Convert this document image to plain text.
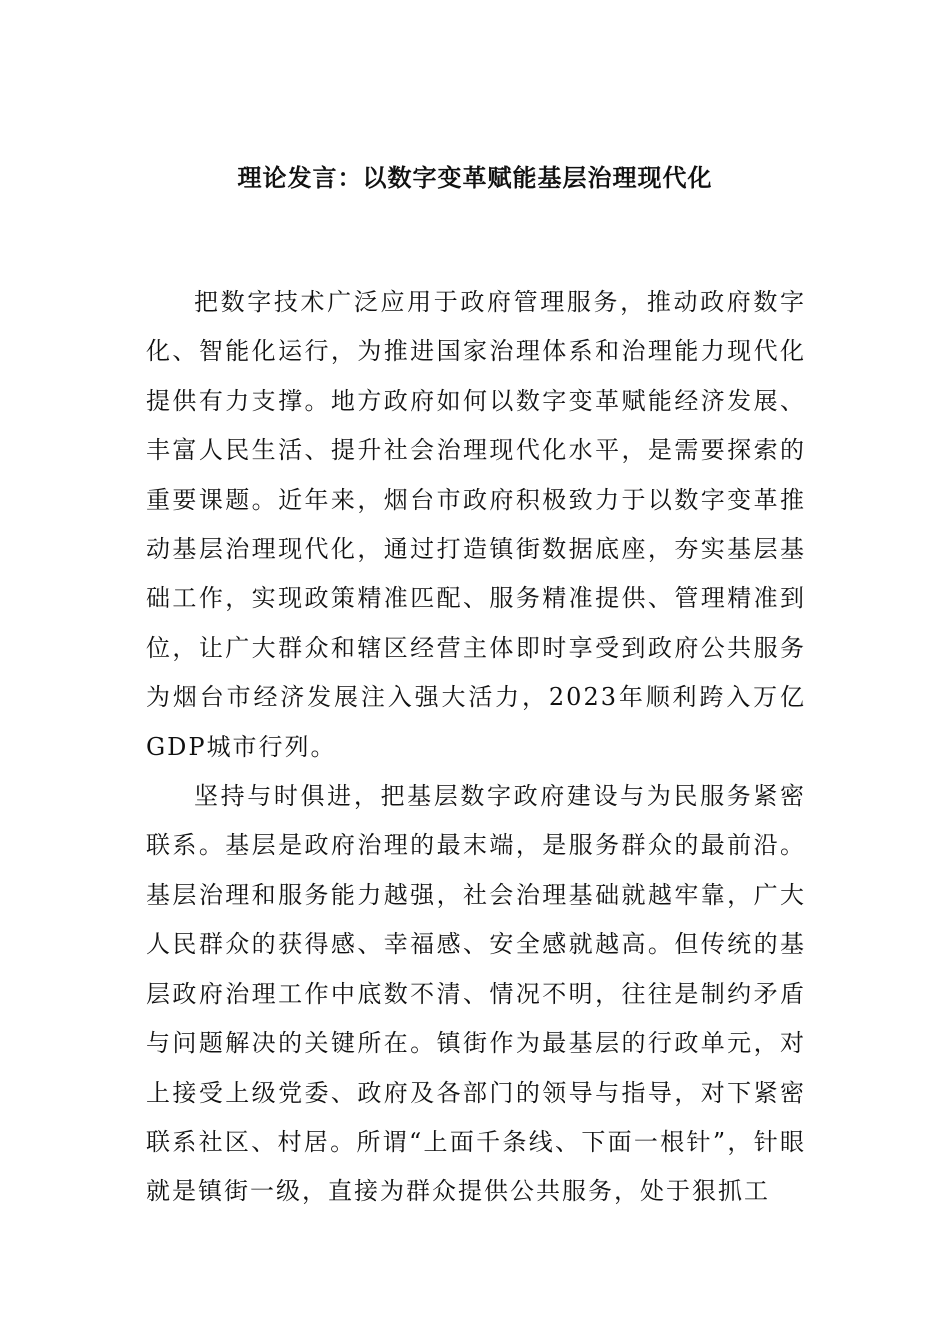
理论发言：以数字变革赋能基层治理现代化

把数字技术广泛应用于政府管理服务，推动政府数字化、智能化运行，为推进国家治理体系和治理能力现代化提供有力支撑。地方政府如何以数字变革赋能经济发展、丰富人民生活、提升社会治理现代化水平，是需要探索的重要课题。近年来，烟台市政府积极致力于以数字变革推动基层治理现代化，通过打造镇街数据底座，夯实基层基础工作，实现政策精准匹配、服务精准提供、管理精准到位，让广大群众和辖区经营主体即时享受到政府公共服务为烟台市经济发展注入强大活力，2023年顺利跨入万亿GDP城市行列。

坚持与时俱进，把基层数字政府建设与为民服务紧密联系。基层是政府治理的最末端，是服务群众的最前沿。基层治理和服务能力越强，社会治理基础就越牢靠，广大人民群众的获得感、幸福感、安全感就越高。但传统的基层政府治理工作中底数不清、情况不明，往往是制约矛盾与问题解决的关键所在。镇街作为最基层的行政单元，对上接受上级党委、政府及各部门的领导与指导，对下紧密联系社区、村居。所谓“上面千条线、下面一根针”，针眼就是镇街一级，直接为群众提供公共服务，处于狠抓工
